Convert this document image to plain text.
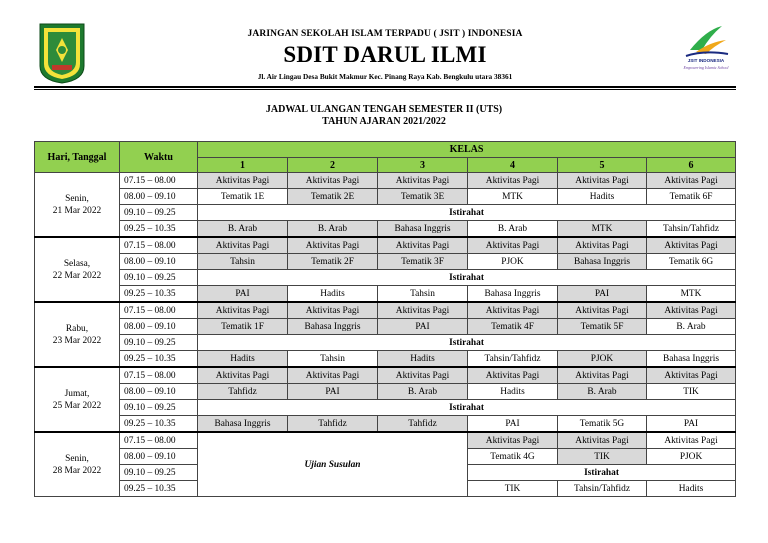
JSIT INDONESIA
Empowering Islamic School
JARINGAN SEKOLAH ISLAM TERPADU ( JSIT ) INDONESIA
SDIT DARUL ILMI
Jl. Air Lingau Desa Bukit Makmur Kec. Pinang Raya Kab. Bengkulu utara 38361
JADWAL ULANGAN TENGAH SEMESTER II (UTS)
TAHUN AJARAN 2021/2022
Hari, Tanggal	Waktu	KELAS					
		1	2	3	4	5	6

Senin,
21 Mar 2022	07.15 – 08.00	Aktivitas Pagi	Aktivitas Pagi	Aktivitas Pagi	Aktivitas Pagi	Aktivitas Pagi	Aktivitas Pagi
	08.00 – 09.10	Tematik 1E	Tematik 2E	Tematik 3E	MTK	Hadits	Tematik 6F
	09.10 – 09.25	Istirahat					
	09.25 – 10.35	B. Arab	B. Arab	Bahasa Inggris	B. Arab	MTK	Tahsin/Tahfidz

Selasa,
22 Mar 2022	07.15 – 08.00	Aktivitas Pagi	Aktivitas Pagi	Aktivitas Pagi	Aktivitas Pagi	Aktivitas Pagi	Aktivitas Pagi
	08.00 – 09.10	Tahsin	Tematik 2F	Tematik 3F	PJOK	Bahasa Inggris	Tematik 6G
	09.10 – 09.25	Istirahat					
	09.25 – 10.35	PAI	Hadits	Tahsin	Bahasa Inggris	PAI	MTK

Rabu,
23 Mar 2022	07.15 – 08.00	Aktivitas Pagi	Aktivitas Pagi	Aktivitas Pagi	Aktivitas Pagi	Aktivitas Pagi	Aktivitas Pagi
	08.00 – 09.10	Tematik 1F	Bahasa Inggris	PAI	Tematik 4F	Tematik 5F	B. Arab
	09.10 – 09.25	Istirahat					
	09.25 – 10.35	Hadits	Tahsin	Hadits	Tahsin/Tahfidz	PJOK	Bahasa Inggris

Jumat,
25 Mar 2022	07.15 – 08.00	Aktivitas Pagi	Aktivitas Pagi	Aktivitas Pagi	Aktivitas Pagi	Aktivitas Pagi	Aktivitas Pagi
	08.00 – 09.10	Tahfidz	PAI	B. Arab	Hadits	B. Arab	TIK
	09.10 – 09.25	Istirahat					
	09.25 – 10.35	Bahasa Inggris	Tahfidz	Tahfidz	PAI	Tematik 5G	PAI

Senin,
28 Mar 2022	07.15 – 08.00	Ujian Susulan			Aktivitas Pagi	Aktivitas Pagi	Aktivitas Pagi
	08.00 – 09.10				Tematik 4G	TIK	PJOK
	09.10 – 09.25				Istirahat		
	09.25 – 10.35				TIK	Tahsin/Tahfidz	Hadits
